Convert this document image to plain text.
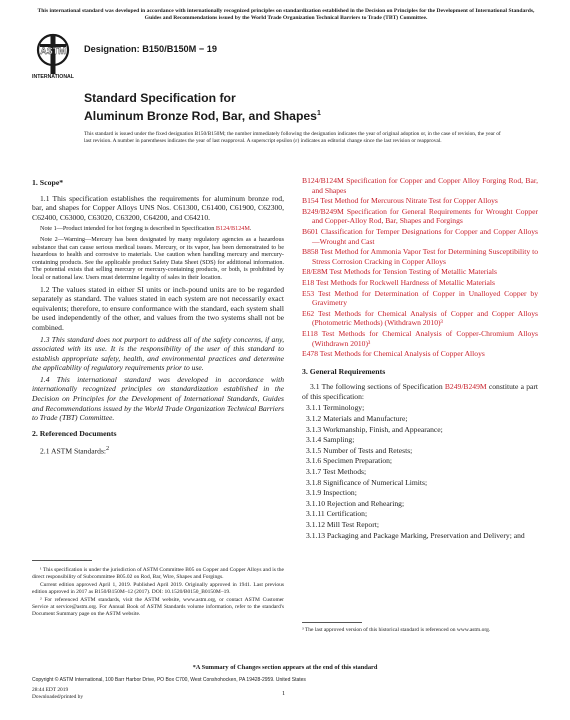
This international standard was developed in accordance with internationally recognized principles on standardization established in the Decision on Principles for the Development of International Standards, Guides and Recommendations issued by the World Trade Organization Technical Barriers to Trade (TBT) Committee.
ASTM
INTERNATIONAL
Designation: B150/B150M − 19
Standard Specification for
Aluminum Bronze Rod, Bar, and Shapes$^1$
This standard is issued under the fixed designation B150/B150M; the number immediately following the designation indicates the year of original adoption or, in the case of revision, the year of last revision. A number in parentheses indicates the year of last reapproval. A superscript epsilon (ε) indicates an editorial change since the last revision or reapproval.
1. Scope*

1.1 This specification establishes the requirements for aluminum bronze rod, bar, and shapes for Copper Alloys UNS Nos. C61300, C61400, C61900, C62300, C62400, C63000, C63020, C63200, C64200, and C64210.

Note 1—Product intended for hot forging is described in Specification B124/B124M.

Note 2—Warning—Mercury has been designated by many regulatory agencies as a hazardous substance that can cause serious medical issues. Mercury, or its vapor, has been demonstrated to be hazardous to health and corrosive to materials. Use caution when handling mercury and mercury-containing products. See the applicable product Safety Data Sheet (SDS) for additional information. The potential exists that selling mercury or mercury-containing products, or both, is prohibited by local or national law. Users must determine legality of sales in their location.

1.2 The values stated in either SI units or inch-pound units are to be regarded separately as standard. The values stated in each system are not necessarily exact equivalents; therefore, to ensure conformance with the standard, each system shall be used independently of the other, and values from the two systems shall not be combined.

1.3 This standard does not purport to address all of the safety concerns, if any, associated with its use. It is the responsibility of the user of this standard to establish appropriate safety, health, and environmental practices and determine the applicability of regulatory requirements prior to use.

1.4 This international standard was developed in accordance with internationally recognized principles on standardization established in the Decision on Principles for the Development of International Standards, Guides and Recommendations issued by the World Trade Organization Technical Barriers to Trade (TBT) Committee.

2. Referenced Documents

2.1 ASTM Standards:$^2$

¹ This specification is under the jurisdiction of ASTM Committee B05 on Copper and Copper Alloys and is the direct responsibility of Subcommittee B05.02 on Rod, Bar, Wire, Shapes and Forgings.

Current edition approved April 1, 2019. Published April 2019. Originally approved in 1941. Last previous edition approved in 2017 as B150/B150M–12 (2017). DOI: 10.1520/B0150_B0150M–19.

² For referenced ASTM standards, visit the ASTM website, www.astm.org, or contact ASTM Customer Service at service@astm.org. For Annual Book of ASTM Standards volume information, refer to the standard's Document Summary page on the ASTM website.

B124/B124M Specification for Copper and Copper Alloy Forging Rod, Bar, and Shapes

B154 Test Method for Mercurous Nitrate Test for Copper Alloys

B249/B249M Specification for General Requirements for Wrought Copper and Copper-Alloy Rod, Bar, Shapes and Forgings

B601 Classification for Temper Designations for Copper and Copper Alloys—Wrought and Cast

B858 Test Method for Ammonia Vapor Test for Determining Susceptibility to Stress Corrosion Cracking in Copper Alloys

E8/E8M Test Methods for Tension Testing of Metallic Materials

E18 Test Methods for Rockwell Hardness of Metallic Materials

E53 Test Method for Determination of Copper in Unalloyed Copper by Gravimetry

E62 Test Methods for Chemical Analysis of Copper and Copper Alloys (Photometric Methods) (Withdrawn 2010)³

E118 Test Methods for Chemical Analysis of Copper-Chromium Alloys (Withdrawn 2010)³

E478 Test Methods for Chemical Analysis of Copper Alloys

3. General Requirements

3.1 The following sections of Specification B249/B249M constitute a part of this specification:

3.1.1 Terminology;
3.1.2 Materials and Manufacture;
3.1.3 Workmanship, Finish, and Appearance;
3.1.4 Sampling;
3.1.5 Number of Tests and Retests;
3.1.6 Specimen Preparation;
3.1.7 Test Methods;
3.1.8 Significance of Numerical Limits;
3.1.9 Inspection;
3.1.10 Rejection and Rehearing;
3.1.11 Certification;
3.1.12 Mill Test Report;
3.1.13 Packaging and Package Marking, Preservation and Delivery; and
³ The last approved version of this historical standard is referenced on www.astm.org.
*A Summary of Changes section appears at the end of this standard
Copyright © ASTM International, 100 Barr Harbor Drive, PO Box C700, West Conshohocken, PA 19428-2959. United States
28:44 EDT 2019
Downloaded/printed by	1
